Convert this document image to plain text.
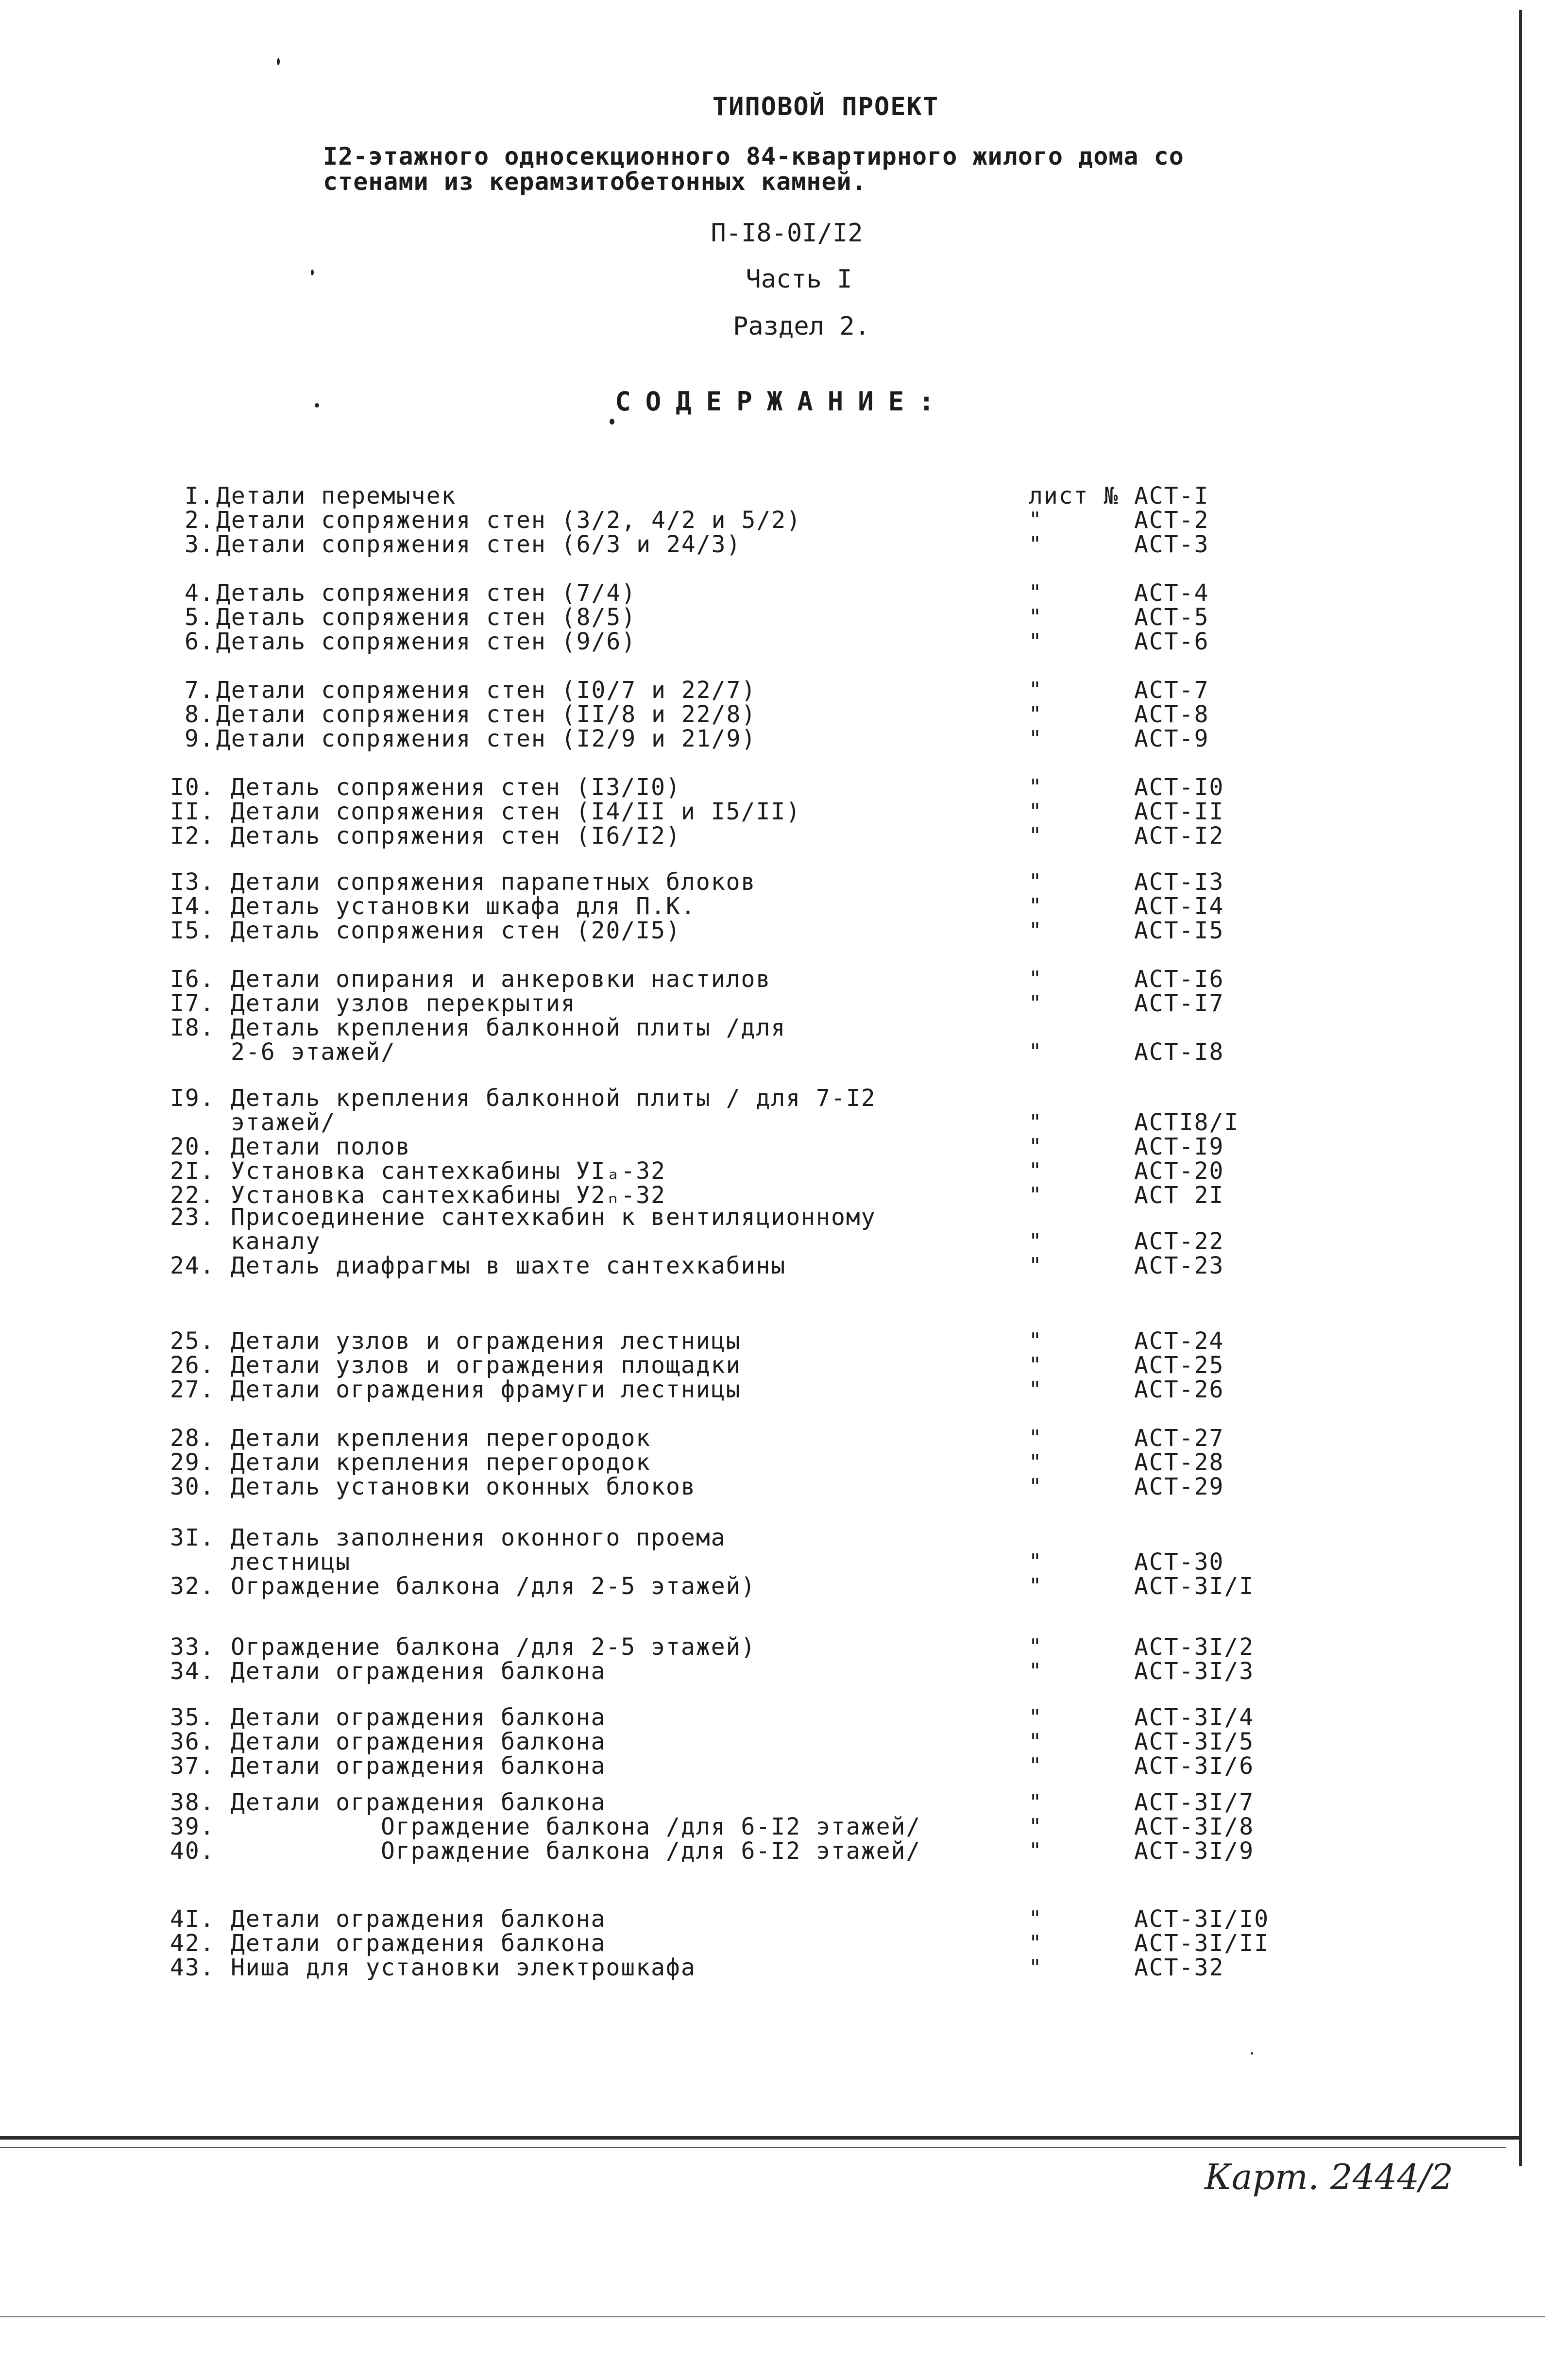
ТИПОВОЙ ПРОЕКТ
I2-этажного односекционного 84-квартирного жилого дома со
стенами из керамзитобетонных камней.
П-I8-0I/I2
Часть I
Раздел 2.
СОДЕРЖАНИЕ:
I. Детали перемычек	лист № АСТ-I
2. Детали сопряжения стен (3/2, 4/2 и 5/2)	"	АСТ-2
3. Детали сопряжения стен (6/3 и 24/3)	"	АСТ-3
4. Деталь сопряжения стен (7/4)	"	АСТ-4
5. Деталь сопряжения стен (8/5)	"	АСТ-5
6. Деталь сопряжения стен (9/6)	"	АСТ-6
7. Детали сопряжения стен (I0/7 и 22/7)	"	АСТ-7
8. Детали сопряжения стен (II/8 и 22/8)	"	АСТ-8
9. Детали сопряжения стен (I2/9 и 21/9)	"	АСТ-9
I0. Деталь сопряжения стен (I3/I0)	"	АСТ-I0
II. Детали сопряжения стен (I4/II и I5/II)	"	АСТ-II
I2. Деталь сопряжения стен (I6/I2)	"	АСТ-I2
I3. Детали сопряжения парапетных блоков	"	АСТ-I3
I4. Деталь установки шкафа для П.К.	"	АСТ-I4
I5. Деталь сопряжения стен (20/I5)	"	АСТ-I5
I6. Детали опирания и анкеровки настилов	"	АСТ-I6
I7. Детали узлов перекрытия	"	АСТ-I7
I8. Деталь крепления балконной плиты /для
2-6 этажей/	"	АСТ-I8
I9. Деталь крепления балконной плиты / для 7-I2
этажей/	"	АСТI8/I
20. Детали полов	"	АСТ-I9
2I. Установка сантехкабины УIₐ-32	"	АСТ-20
22. Установка сантехкабины У2ₙ-32	"	АСТ 2I
23. Присоединение сантехкабин к вентиляционному
каналу	"	АСТ-22
24. Деталь диафрагмы в шахте сантехкабины	"	АСТ-23
25. Детали узлов и ограждения лестницы	"	АСТ-24
26. Детали узлов и ограждения площадки	"	АСТ-25
27. Детали ограждения фрамуги лестницы	"	АСТ-26
28. Детали крепления перегородок	"	АСТ-27
29. Детали крепления перегородок	"	АСТ-28
30. Деталь установки оконных блоков	"	АСТ-29
3I. Деталь заполнения оконного проема
лестницы	"	АСТ-30
32. Ограждение балкона /для 2-5 этажей)	"	АСТ-3I/I
33. Ограждение балкона /для 2-5 этажей)	"	АСТ-3I/2
34. Детали ограждения балкона	"	АСТ-3I/3
35. Детали ограждения балкона	"	АСТ-3I/4
36. Детали ограждения балкона	"	АСТ-3I/5
37. Детали ограждения балкона	"	АСТ-3I/6
38. Детали ограждения балкона	"	АСТ-3I/7
39. Ограждение балкона /для 6-I2 этажей/	"	АСТ-3I/8
40. Ограждение балкона /для 6-I2 этажей/	"	АСТ-3I/9
4I. Детали ограждения балкона	"	АСТ-3I/I0
42. Детали ограждения балкона	"	АСТ-3I/II
43. Ниша для установки электрошкафа	"	АСТ-32
Карт. 2444/2
